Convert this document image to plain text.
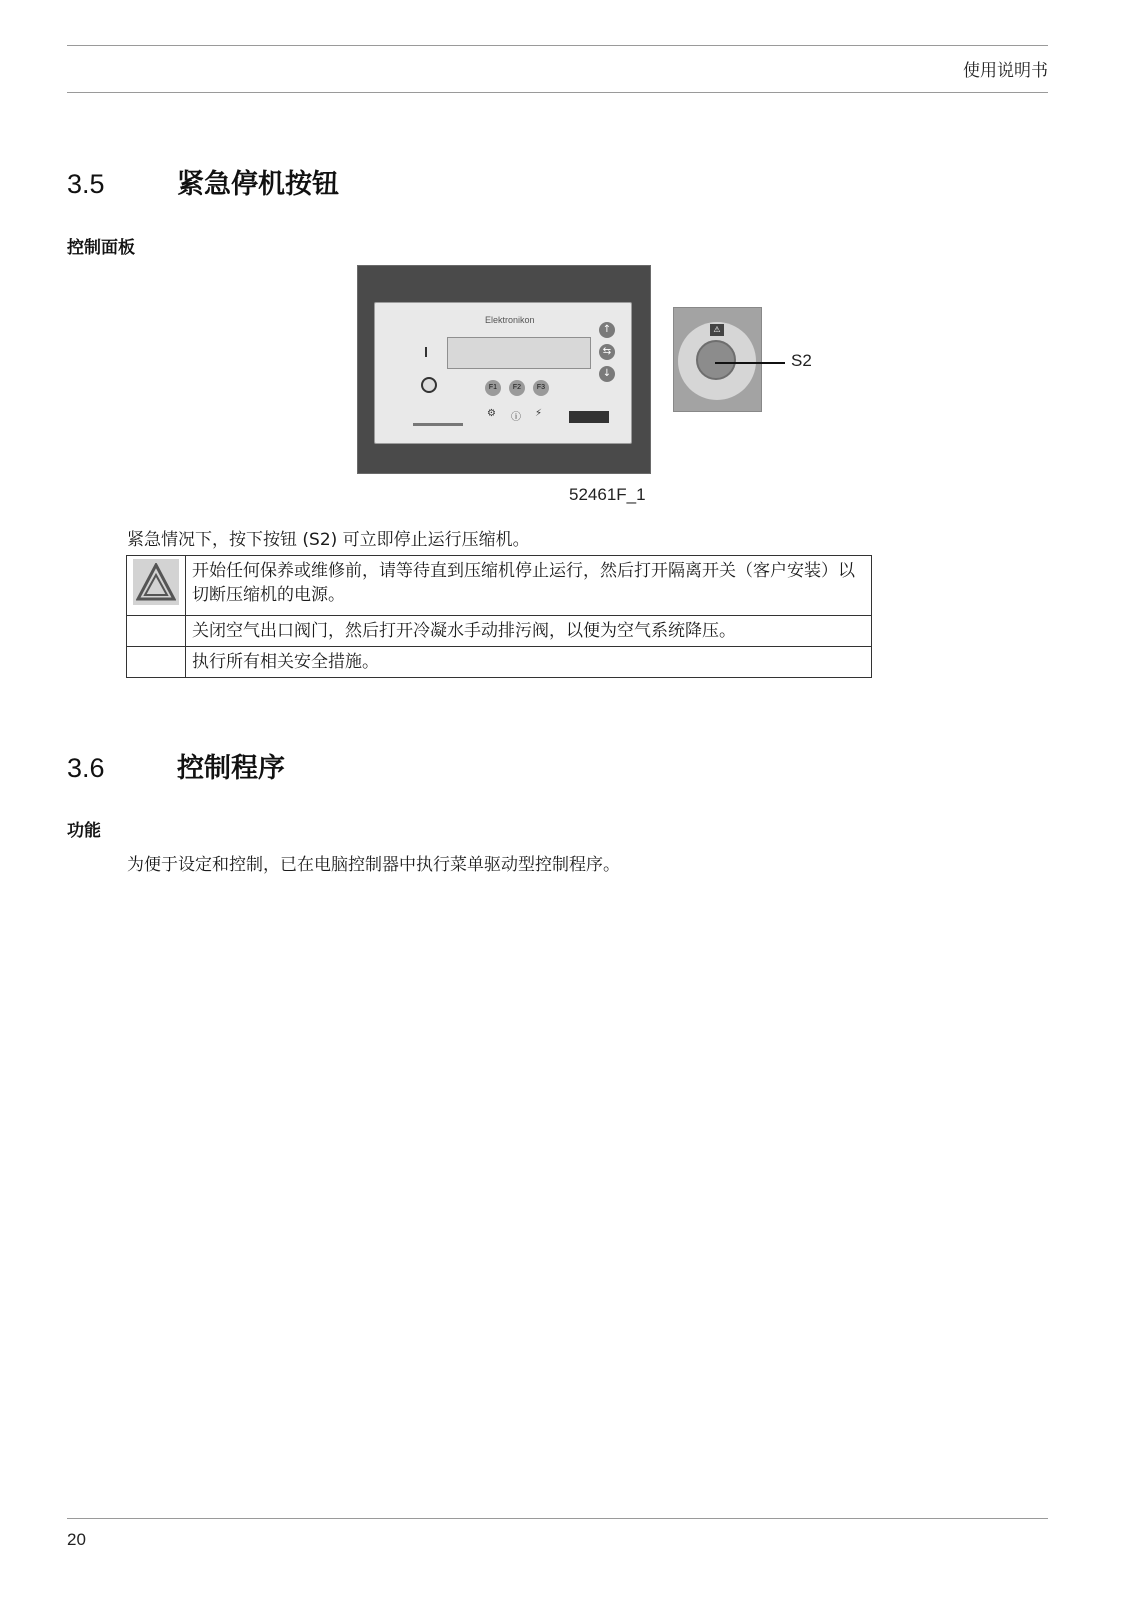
使用说明书
3.5	紧急停机按钮
控制面板
Elektronikon
F1	F2	F3
↑
⇆
↓
⚙ ⓘ ⚡
⚠
S2
52461F_1
紧急情况下，按下按钮 (S2) 可立即停止运行压缩机。
	开始任何保养或维修前，请等待直到压缩机停止运行，然后打开隔离开关（客户安装）以切断压缩机的电源。
	关闭空气出口阀门，然后打开冷凝水手动排污阀，以便为空气系统降压。
	执行所有相关安全措施。
3.6	控制程序
功能
为便于设定和控制，已在电脑控制器中执行菜单驱动型控制程序。
20
